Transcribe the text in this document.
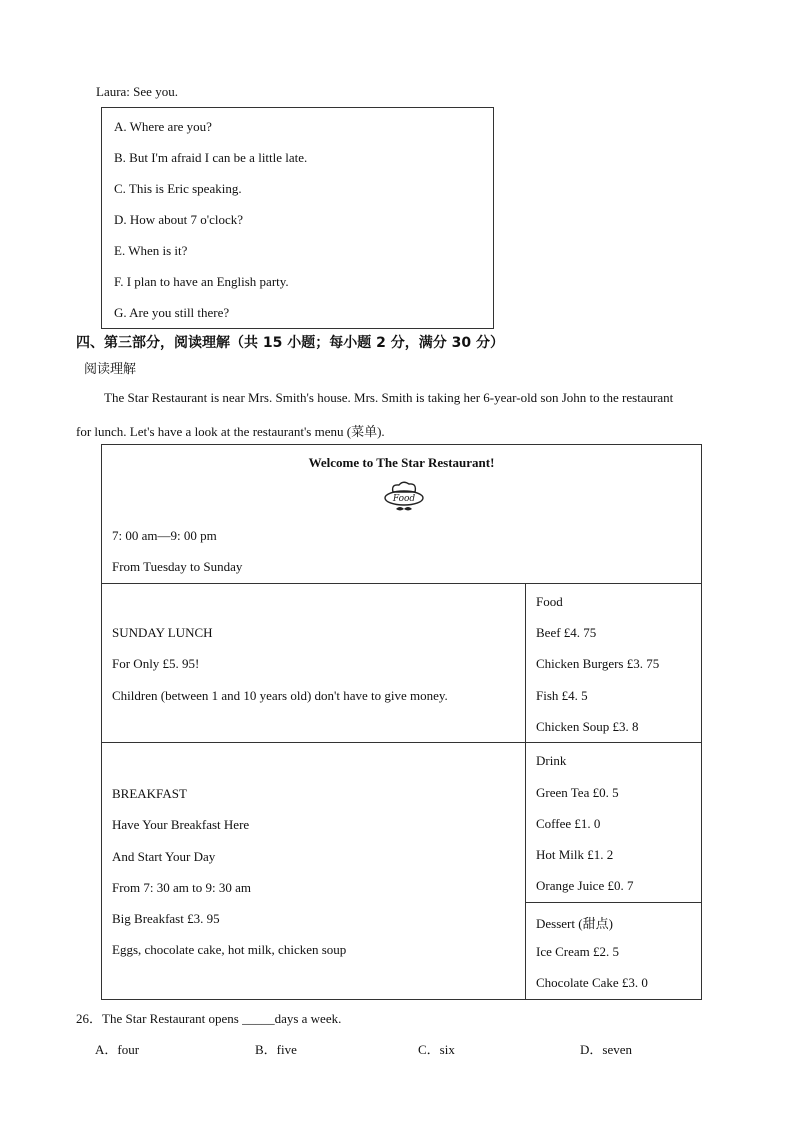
Laura: See you.
A. Where are you?
B. But I'm afraid I can be a little late.
C. This is Eric speaking.
D. How about 7 o'clock?
E. When is it?
F. I plan to have an English party.
G. Are you still there?
四、第三部分，阅读理解（共 15 小题；每小题 2 分，满分 30 分）
阅读理解
The Star Restaurant is near Mrs. Smith's house. Mrs. Smith is taking her 6-year-old son John to the restaurant
for lunch. Let's have a look at the restaurant's menu (菜单).
Welcome to The Star Restaurant!
7: 00 am—9: 00 pm
From Tuesday to Sunday
Food
SUNDAY LUNCH
For Only £5. 95!
Children (between 1 and 10 years old) don't have to give money.
Food
Beef £4. 75
Chicken Burgers £3. 75
Fish £4. 5
Chicken Soup £3. 8
BREAKFAST
Have Your Breakfast Here
And Start Your Day
From 7: 30 am to 9: 30 am
Big Breakfast £3. 95
Eggs, chocolate cake, hot milk, chicken soup
Drink
Green Tea £0. 5
Coffee £1. 0
Hot Milk £1. 2
Orange Juice £0. 7
Dessert (甜点)
Ice Cream £2. 5
Chocolate Cake £3. 0
26．The Star Restaurant opens _____days a week.
A．four	B．five	C．six	D．seven
